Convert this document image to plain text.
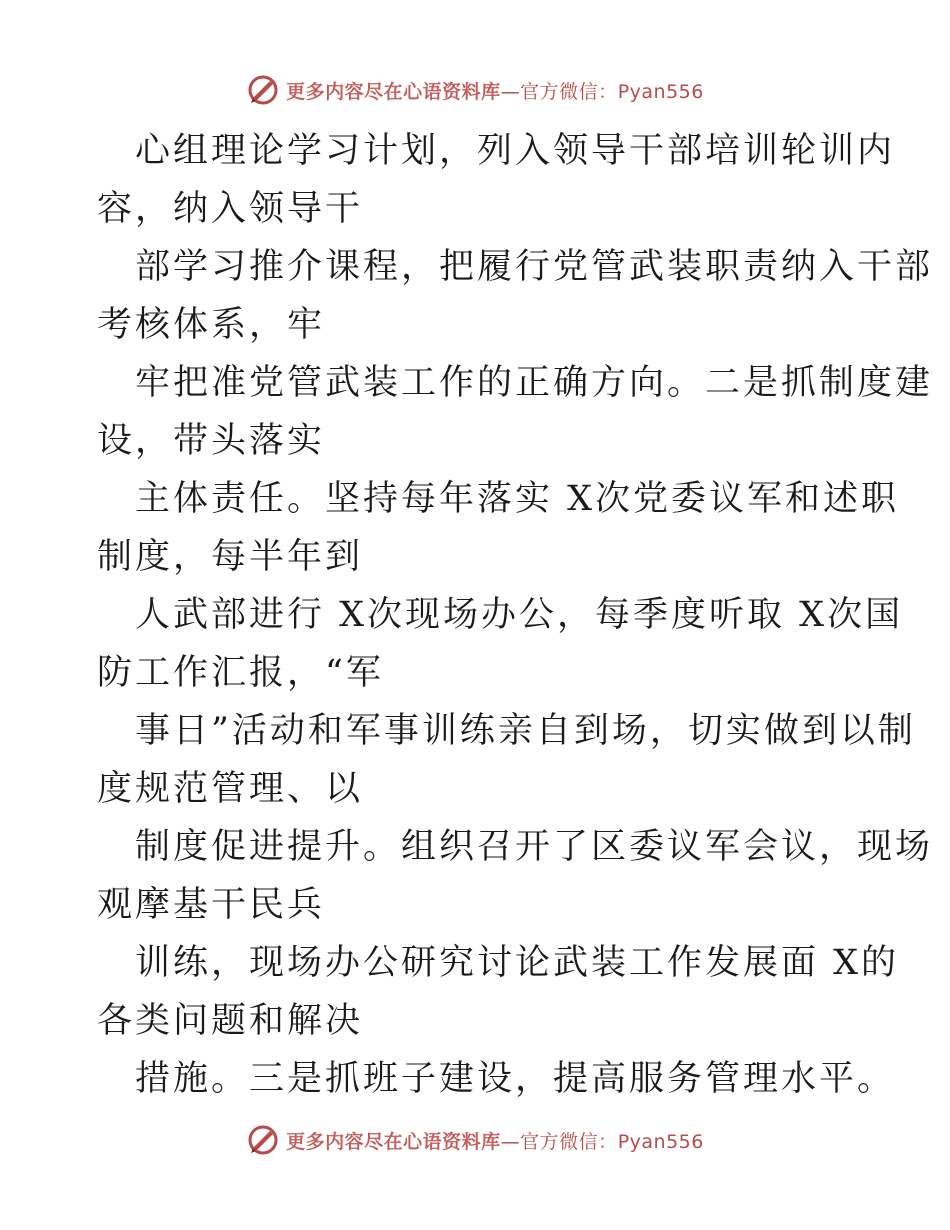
更多内容尽在心语资料库—官方微信：Pyan556

心组理论学习计划，列入领导干部培训轮训内

容，纳入领导干

部学习推介课程，把履行党管武装职责纳入干部

考核体系，牢

牢把准党管武装工作的正确方向。二是抓制度建

设，带头落实

主体责任。坚持每年落实 X次党委议军和述职

制度，每半年到

人武部进行 X次现场办公，每季度听取 X次国

防工作汇报，“军

事日”活动和军事训练亲自到场，切实做到以制

度规范管理、以

制度促进提升。组织召开了区委议军会议，现场

观摩基干民兵

训练，现场办公研究讨论武装工作发展面 X的

各类问题和解决

措施。三是抓班子建设，提高服务管理水平。

更多内容尽在心语资料库—官方微信：Pyan556
